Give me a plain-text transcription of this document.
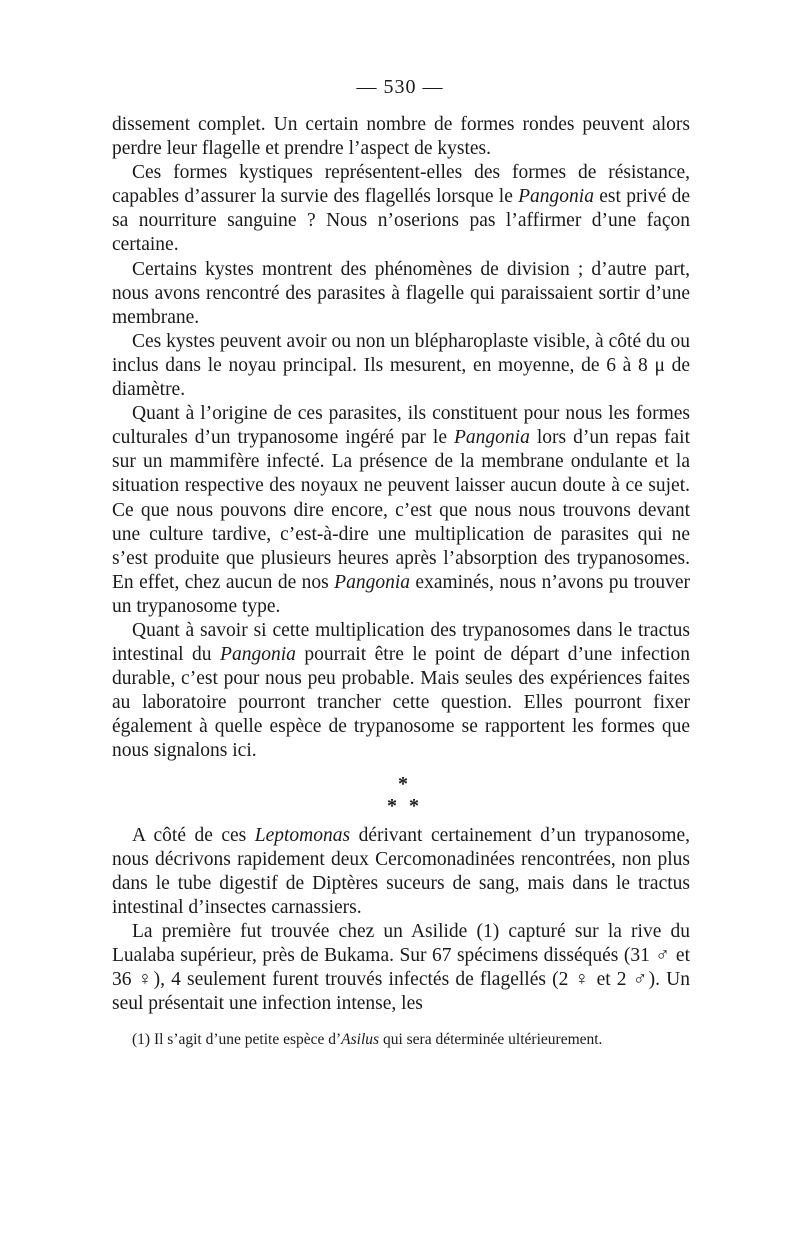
— 530 —

dissement complet. Un certain nombre de formes rondes peuvent alors perdre leur flagelle et prendre l’aspect de kystes.

Ces formes kystiques représentent-elles des formes de résistance, capables d’assurer la survie des flagellés lorsque le Pangonia est privé de sa nourriture sanguine ? Nous n’oserions pas l’affirmer d’une façon certaine.

Certains kystes montrent des phénomènes de division ; d’autre part, nous avons rencontré des parasites à flagelle qui paraissaient sortir d’une membrane.

Ces kystes peuvent avoir ou non un blépharoplaste visible, à côté du ou inclus dans le noyau principal. Ils mesurent, en moyenne, de 6 à 8 μ de diamètre.

Quant à l’origine de ces parasites, ils constituent pour nous les formes culturales d’un trypanosome ingéré par le Pangonia lors d’un repas fait sur un mammifère infecté. La présence de la membrane ondulante et la situation respective des noyaux ne peuvent laisser aucun doute à ce sujet. Ce que nous pouvons dire encore, c’est que nous nous trouvons devant une culture tardive, c’est-à-dire une multiplication de parasites qui ne s’est produite que plusieurs heures après l’absorption des trypanosomes. En effet, chez aucun de nos Pangonia examinés, nous n’avons pu trouver un trypanosome type.

Quant à savoir si cette multiplication des trypanosomes dans le tractus intestinal du Pangonia pourrait être le point de départ d’une infection durable, c’est pour nous peu probable. Mais seules des expériences faites au laboratoire pourront trancher cette question. Elles pourront fixer également à quelle espèce de trypanosome se rapportent les formes que nous signalons ici.

*
* *

A côté de ces Leptomonas dérivant certainement d’un trypanosome, nous décrivons rapidement deux Cercomonadinées rencontrées, non plus dans le tube digestif de Diptères suceurs de sang, mais dans le tractus intestinal d’insectes carnassiers.

La première fut trouvée chez un Asilide (1) capturé sur la rive du Lualaba supérieur, près de Bukama. Sur 67 spécimens disséqués (31 ♂ et 36 ♀), 4 seulement furent trouvés infectés de flagellés (2 ♀ et 2 ♂). Un seul présentait une infection intense, les

(1) Il s’agit d’une petite espèce d’Asilus qui sera déterminée ultérieurement.
